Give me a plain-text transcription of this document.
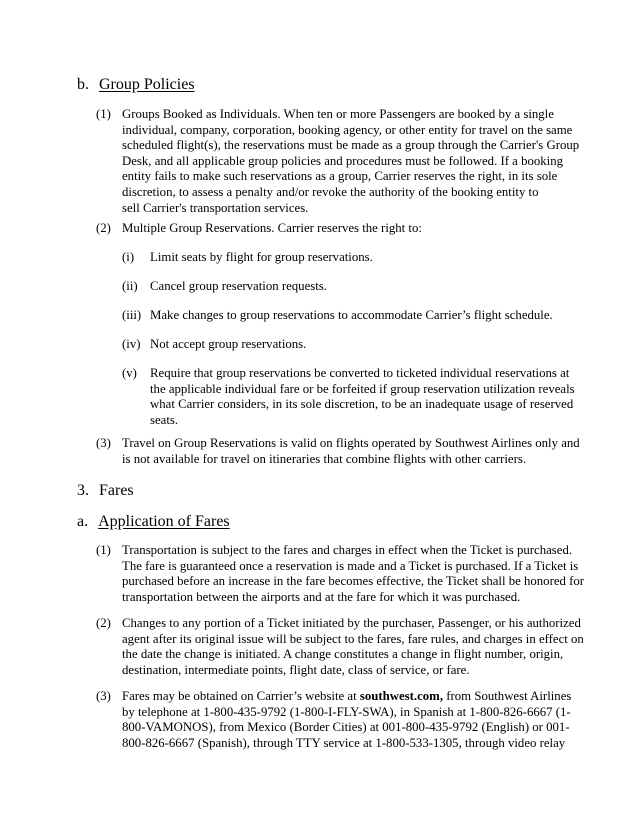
b. Group Policies
(1) Groups Booked as Individuals. When ten or more Passengers are booked by a single
individual, company, corporation, booking agency, or other entity for travel on the same
scheduled flight(s), the reservations must be made as a group through the Carrier's Group
Desk, and all applicable group policies and procedures must be followed. If a booking
entity fails to make such reservations as a group, Carrier reserves the right, in its sole
discretion, to assess a penalty and/or revoke the authority of the booking entity to
sell Carrier's transportation services.
(2) Multiple Group Reservations. Carrier reserves the right to:
(i) Limit seats by flight for group reservations.
(ii) Cancel group reservation requests.
(iii) Make changes to group reservations to accommodate Carrier’s flight schedule.
(iv) Not accept group reservations.
(v) Require that group reservations be converted to ticketed individual reservations at
the applicable individual fare or be forfeited if group reservation utilization reveals
what Carrier considers, in its sole discretion, to be an inadequate usage of reserved
seats.
(3) Travel on Group Reservations is valid on flights operated by Southwest Airlines only and
is not available for travel on itineraries that combine flights with other carriers.
3. Fares
a. Application of Fares
(1) Transportation is subject to the fares and charges in effect when the Ticket is purchased.
The fare is guaranteed once a reservation is made and a Ticket is purchased. If a Ticket is
purchased before an increase in the fare becomes effective, the Ticket shall be honored for
transportation between the airports and at the fare for which it was purchased.
(2) Changes to any portion of a Ticket initiated by the purchaser, Passenger, or his authorized
agent after its original issue will be subject to the fares, fare rules, and charges in effect on
the date the change is initiated. A change constitutes a change in flight number, origin,
destination, intermediate points, flight date, class of service, or fare.
(3) Fares may be obtained on Carrier’s website at southwest.com, from Southwest Airlines
by telephone at 1-800-435-9792 (1-800-I-FLY-SWA), in Spanish at 1-800-826-6667 (1-
800-VAMONOS), from Mexico (Border Cities) at 001-800-435-9792 (English) or 001-
800-826-6667 (Spanish), through TTY service at 1-800-533-1305, through video relay
